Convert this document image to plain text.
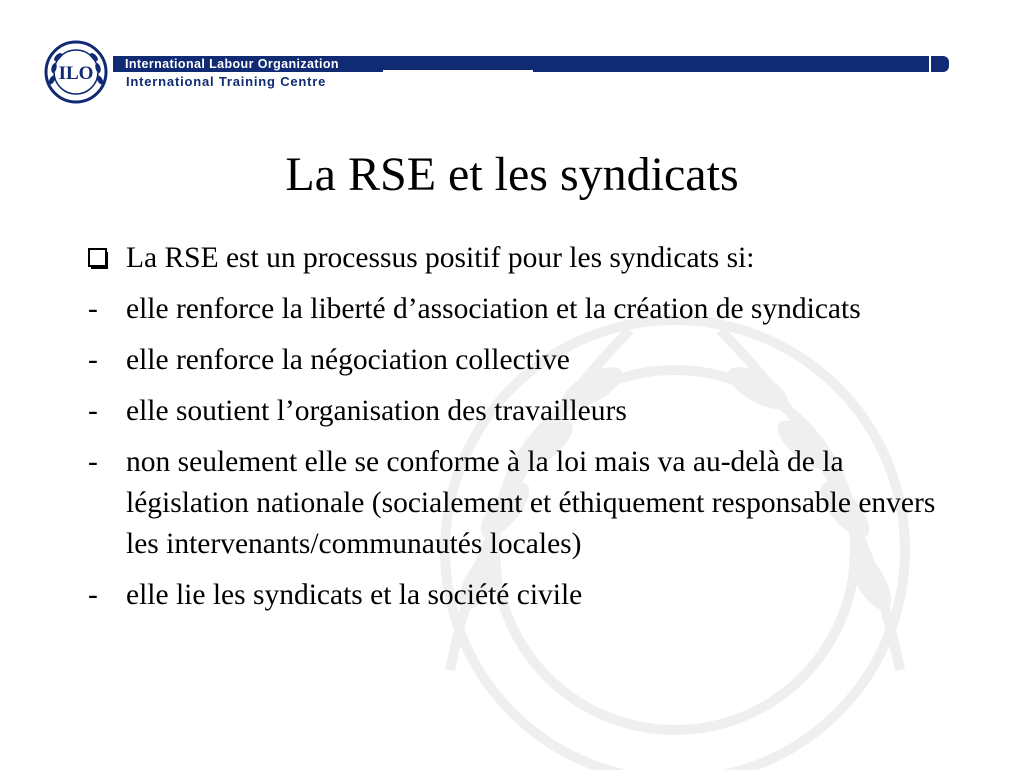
ILO	International Labour Organization
International Training Centre
La RSE et les syndicats
La RSE est un processus positif pour les syndicats si:
- elle renforce la liberté d’association et la création de syndicats
- elle renforce la négociation collective
- elle soutient l’organisation des travailleurs
- non seulement elle se conforme à la loi mais va au-delà de la législation nationale (socialement et éthiquement responsable envers les intervenants/communautés locales)
- elle lie les syndicats et la société civile
